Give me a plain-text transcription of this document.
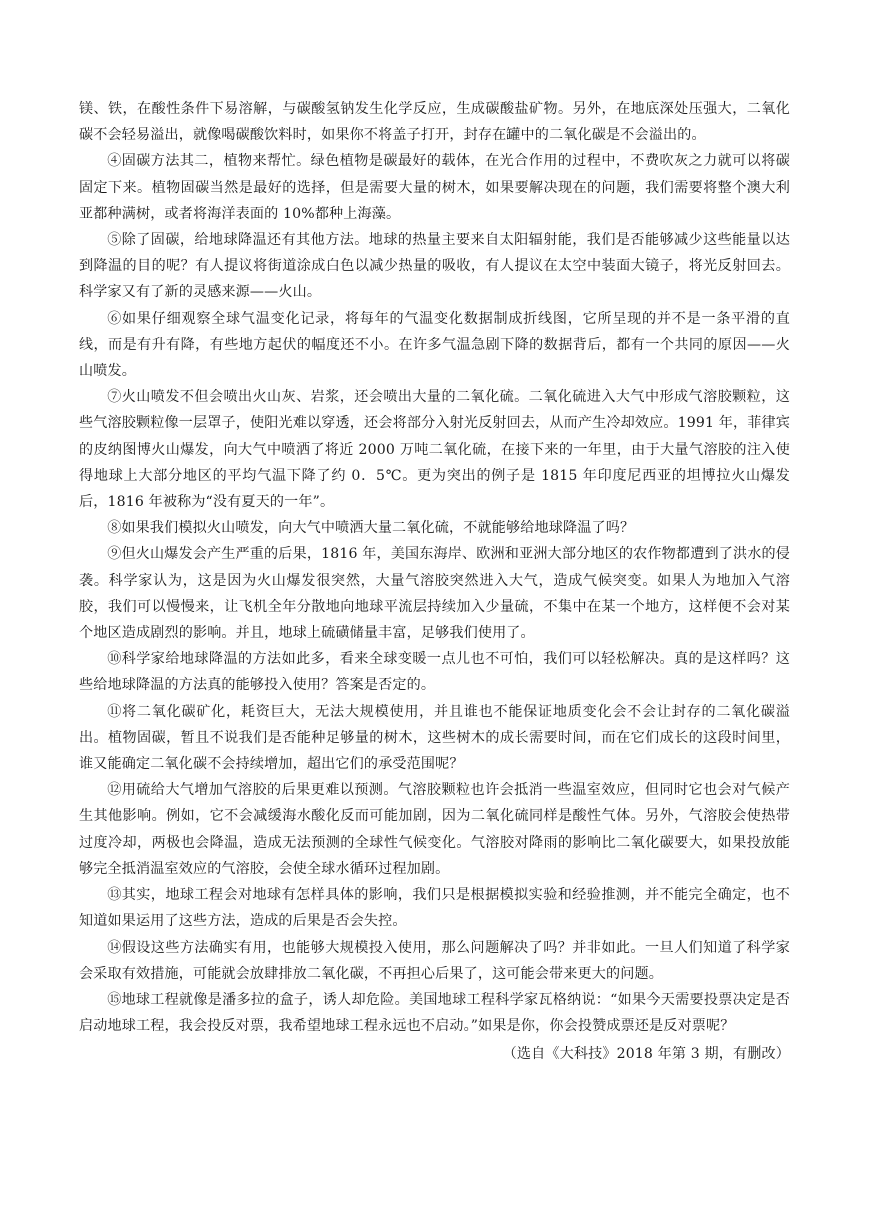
镁、铁，在酸性条件下易溶解，与碳酸氢钠发生化学反应，生成碳酸盐矿物。另外，在地底深处压强大，二氧化碳不会轻易溢出，就像喝碳酸饮料时，如果你不将盖子打开，封存在罐中的二氧化碳是不会溢出的。

④固碳方法其二，植物来帮忙。绿色植物是碳最好的载体，在光合作用的过程中，不费吹灰之力就可以将碳固定下来。植物固碳当然是最好的选择，但是需要大量的树木，如果要解决现在的问题，我们需要将整个澳大利亚都种满树，或者将海洋表面的 10%都种上海藻。

⑤除了固碳，给地球降温还有其他方法。地球的热量主要来自太阳辐射能，我们是否能够减少这些能量以达到降温的目的呢？有人提议将街道涂成白色以减少热量的吸收，有人提议在太空中装面大镜子，将光反射回去。科学家又有了新的灵感来源——火山。

⑥如果仔细观察全球气温变化记录，将每年的气温变化数据制成折线图，它所呈现的并不是一条平滑的直线，而是有升有降，有些地方起伏的幅度还不小。在许多气温急剧下降的数据背后，都有一个共同的原因——火山喷发。

⑦火山喷发不但会喷出火山灰、岩浆，还会喷出大量的二氧化硫。二氧化硫进入大气中形成气溶胶颗粒，这些气溶胶颗粒像一层罩子，使阳光难以穿透，还会将部分入射光反射回去，从而产生冷却效应。1991 年，菲律宾的皮纳图博火山爆发，向大气中喷洒了将近 2000 万吨二氧化硫，在接下来的一年里，由于大量气溶胶的注入使得地球上大部分地区的平均气温下降了约 0．5℃。更为突出的例子是 1815 年印度尼西亚的坦博拉火山爆发后，1816 年被称为“没有夏天的一年”。

⑧如果我们模拟火山喷发，向大气中喷洒大量二氧化硫，不就能够给地球降温了吗？

⑨但火山爆发会产生严重的后果，1816 年，美国东海岸、欧洲和亚洲大部分地区的农作物都遭到了洪水的侵袭。科学家认为，这是因为火山爆发很突然，大量气溶胶突然进入大气，造成气候突变。如果人为地加入气溶胶，我们可以慢慢来，让飞机全年分散地向地球平流层持续加入少量硫，不集中在某一个地方，这样便不会对某个地区造成剧烈的影响。并且，地球上硫磺储量丰富，足够我们使用了。

⑩科学家给地球降温的方法如此多，看来全球变暖一点儿也不可怕，我们可以轻松解决。真的是这样吗？这些给地球降温的方法真的能够投入使用？答案是否定的。

⑪将二氧化碳矿化，耗资巨大，无法大规模使用，并且谁也不能保证地质变化会不会让封存的二氧化碳溢出。植物固碳，暂且不说我们是否能种足够量的树木，这些树木的成长需要时间，而在它们成长的这段时间里，谁又能确定二氧化碳不会持续增加，超出它们的承受范围呢？

⑫用硫给大气增加气溶胶的后果更难以预测。气溶胶颗粒也许会抵消一些温室效应，但同时它也会对气候产生其他影响。例如，它不会减缓海水酸化反而可能加剧，因为二氧化硫同样是酸性气体。另外，气溶胶会使热带过度冷却，两极也会降温，造成无法预测的全球性气候变化。气溶胶对降雨的影响比二氧化碳要大，如果投放能够完全抵消温室效应的气溶胶，会使全球水循环过程加剧。

⑬其实，地球工程会对地球有怎样具体的影响，我们只是根据模拟实验和经验推测，并不能完全确定，也不知道如果运用了这些方法，造成的后果是否会失控。

⑭假设这些方法确实有用，也能够大规模投入使用，那么问题解决了吗？并非如此。一旦人们知道了科学家会采取有效措施，可能就会放肆排放二氧化碳，不再担心后果了，这可能会带来更大的问题。

⑮地球工程就像是潘多拉的盒子，诱人却危险。美国地球工程科学家瓦格纳说：“如果今天需要投票决定是否启动地球工程，我会投反对票，我希望地球工程永远也不启动。”如果是你，你会投赞成票还是反对票呢？

（选自《大科技》2018 年第 3 期，有删改）
